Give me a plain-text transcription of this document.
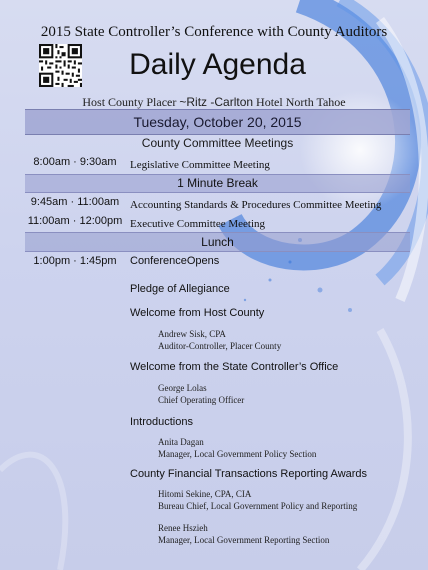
2015 State Controller’s Conference with County Auditors
Daily Agenda
Host County Placer ~Ritz -Carlton Hotel North Tahoe
Tuesday, October 20, 2015
County Committee Meetings
8:00am · 9:30am	Legislative Committee Meeting
1 Minute Break
9:45am · 11:00am Accounting Standards & Procedures Committee Meeting
11:00am · 12:00pm Executive Committee Meeting
Lunch
1:00pm · 1:45pm	ConferenceOpens
Pledge of Allegiance
Welcome from Host County
Andrew Sisk, CPA
Auditor-Controller, Placer County
Welcome from the State Controller’s Office
George Lolas
Chief Operating Officer
Introductions
Anita Dagan
Manager, Local Government Policy Section
County Financial Transactions Reporting Awards
Hitomi Sekine, CPA, CIA
Bureau Chief, Local Government Policy and Reporting
Renee Hszieh
Manager, Local Government Reporting Section
